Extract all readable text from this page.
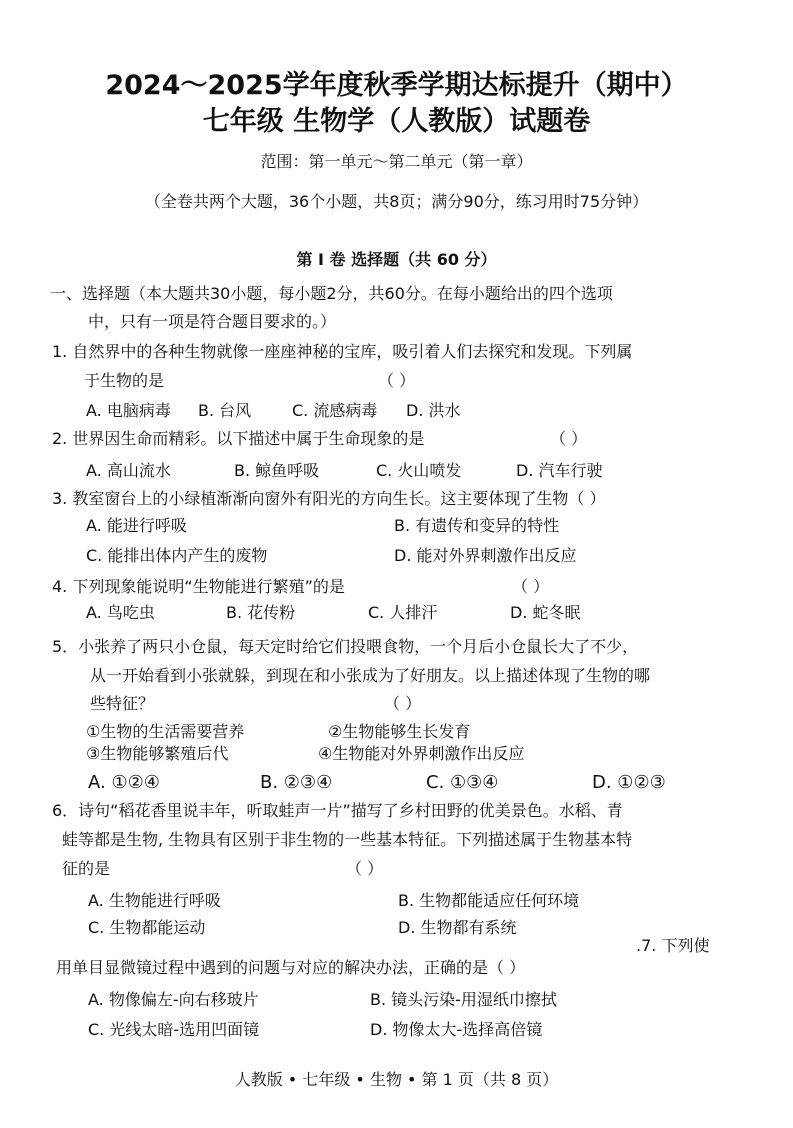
2024～2025学年度秋季学期达标提升（期中）
七年级 生物学（人教版）试题卷
范围：第一单元～第二单元（第一章）
（全卷共两个大题，36个小题，共8页；满分90分，练习用时75分钟）
第 I 卷 选择题（共 60 分）
一、选择题（本大题共30小题，每小题2分，共60分。在每小题给出的四个选项
中，只有一项是符合题目要求的。）
1. 自然界中的各种生物就像一座座神秘的宝库，吸引着人们去探究和发现。下列属
于生物的是	（ ）
A. 电脑病毒 B. 台风	C. 流感病毒 D. 洪水
2. 世界因生命而精彩。以下描述中属于生命现象的是	（ ）
A. 高山流水	B. 鲸鱼呼吸	C. 火山喷发	D. 汽车行驶
3. 教室窗台上的小绿植渐渐向窗外有阳光的方向生长。这主要体现了生物（ ）
A. 能进行呼吸	B. 有遗传和变异的特性
C. 能排出体内产生的废物	D. 能对外界刺激作出反应
4. 下列现象能说明“生物能进行繁殖”的是	（ ）
A. 鸟吃虫	B. 花传粉	C. 人排汗	D. 蛇冬眠
5．小张养了两只小仓鼠，每天定时给它们投喂食物，一个月后小仓鼠长大了不少，
从一开始看到小张就躲，到现在和小张成为了好朋友。以上描述体现了生物的哪
些特征？	（ ）
①生物的生活需要营养	②生物能够生长发育
③生物能够繁殖后代	④生物能对外界刺激作出反应
A. ①②④	B. ②③④	C. ①③④	D. ①②③
6．诗句“稻花香里说丰年，听取蛙声一片”描写了乡村田野的优美景色。水稻、青
蛙等都是生物, 生物具有区别于非生物的一些基本特征。下列描述属于生物基本特
征的是	（ ）
A. 生物能进行呼吸	B. 生物都能适应任何环境
C. 生物都能运动	D. 生物都有系统
.7. 下列使
用单目显微镜过程中遇到的问题与对应的解决办法，正确的是（ ）
A. 物像偏左-向右移玻片	B. 镜头污染-用湿纸巾擦拭
C. 光线太暗-选用凹面镜	D. 物像太大-选择高倍镜
人教版 • 七年级 • 生物 • 第 1 页（共 8 页）
